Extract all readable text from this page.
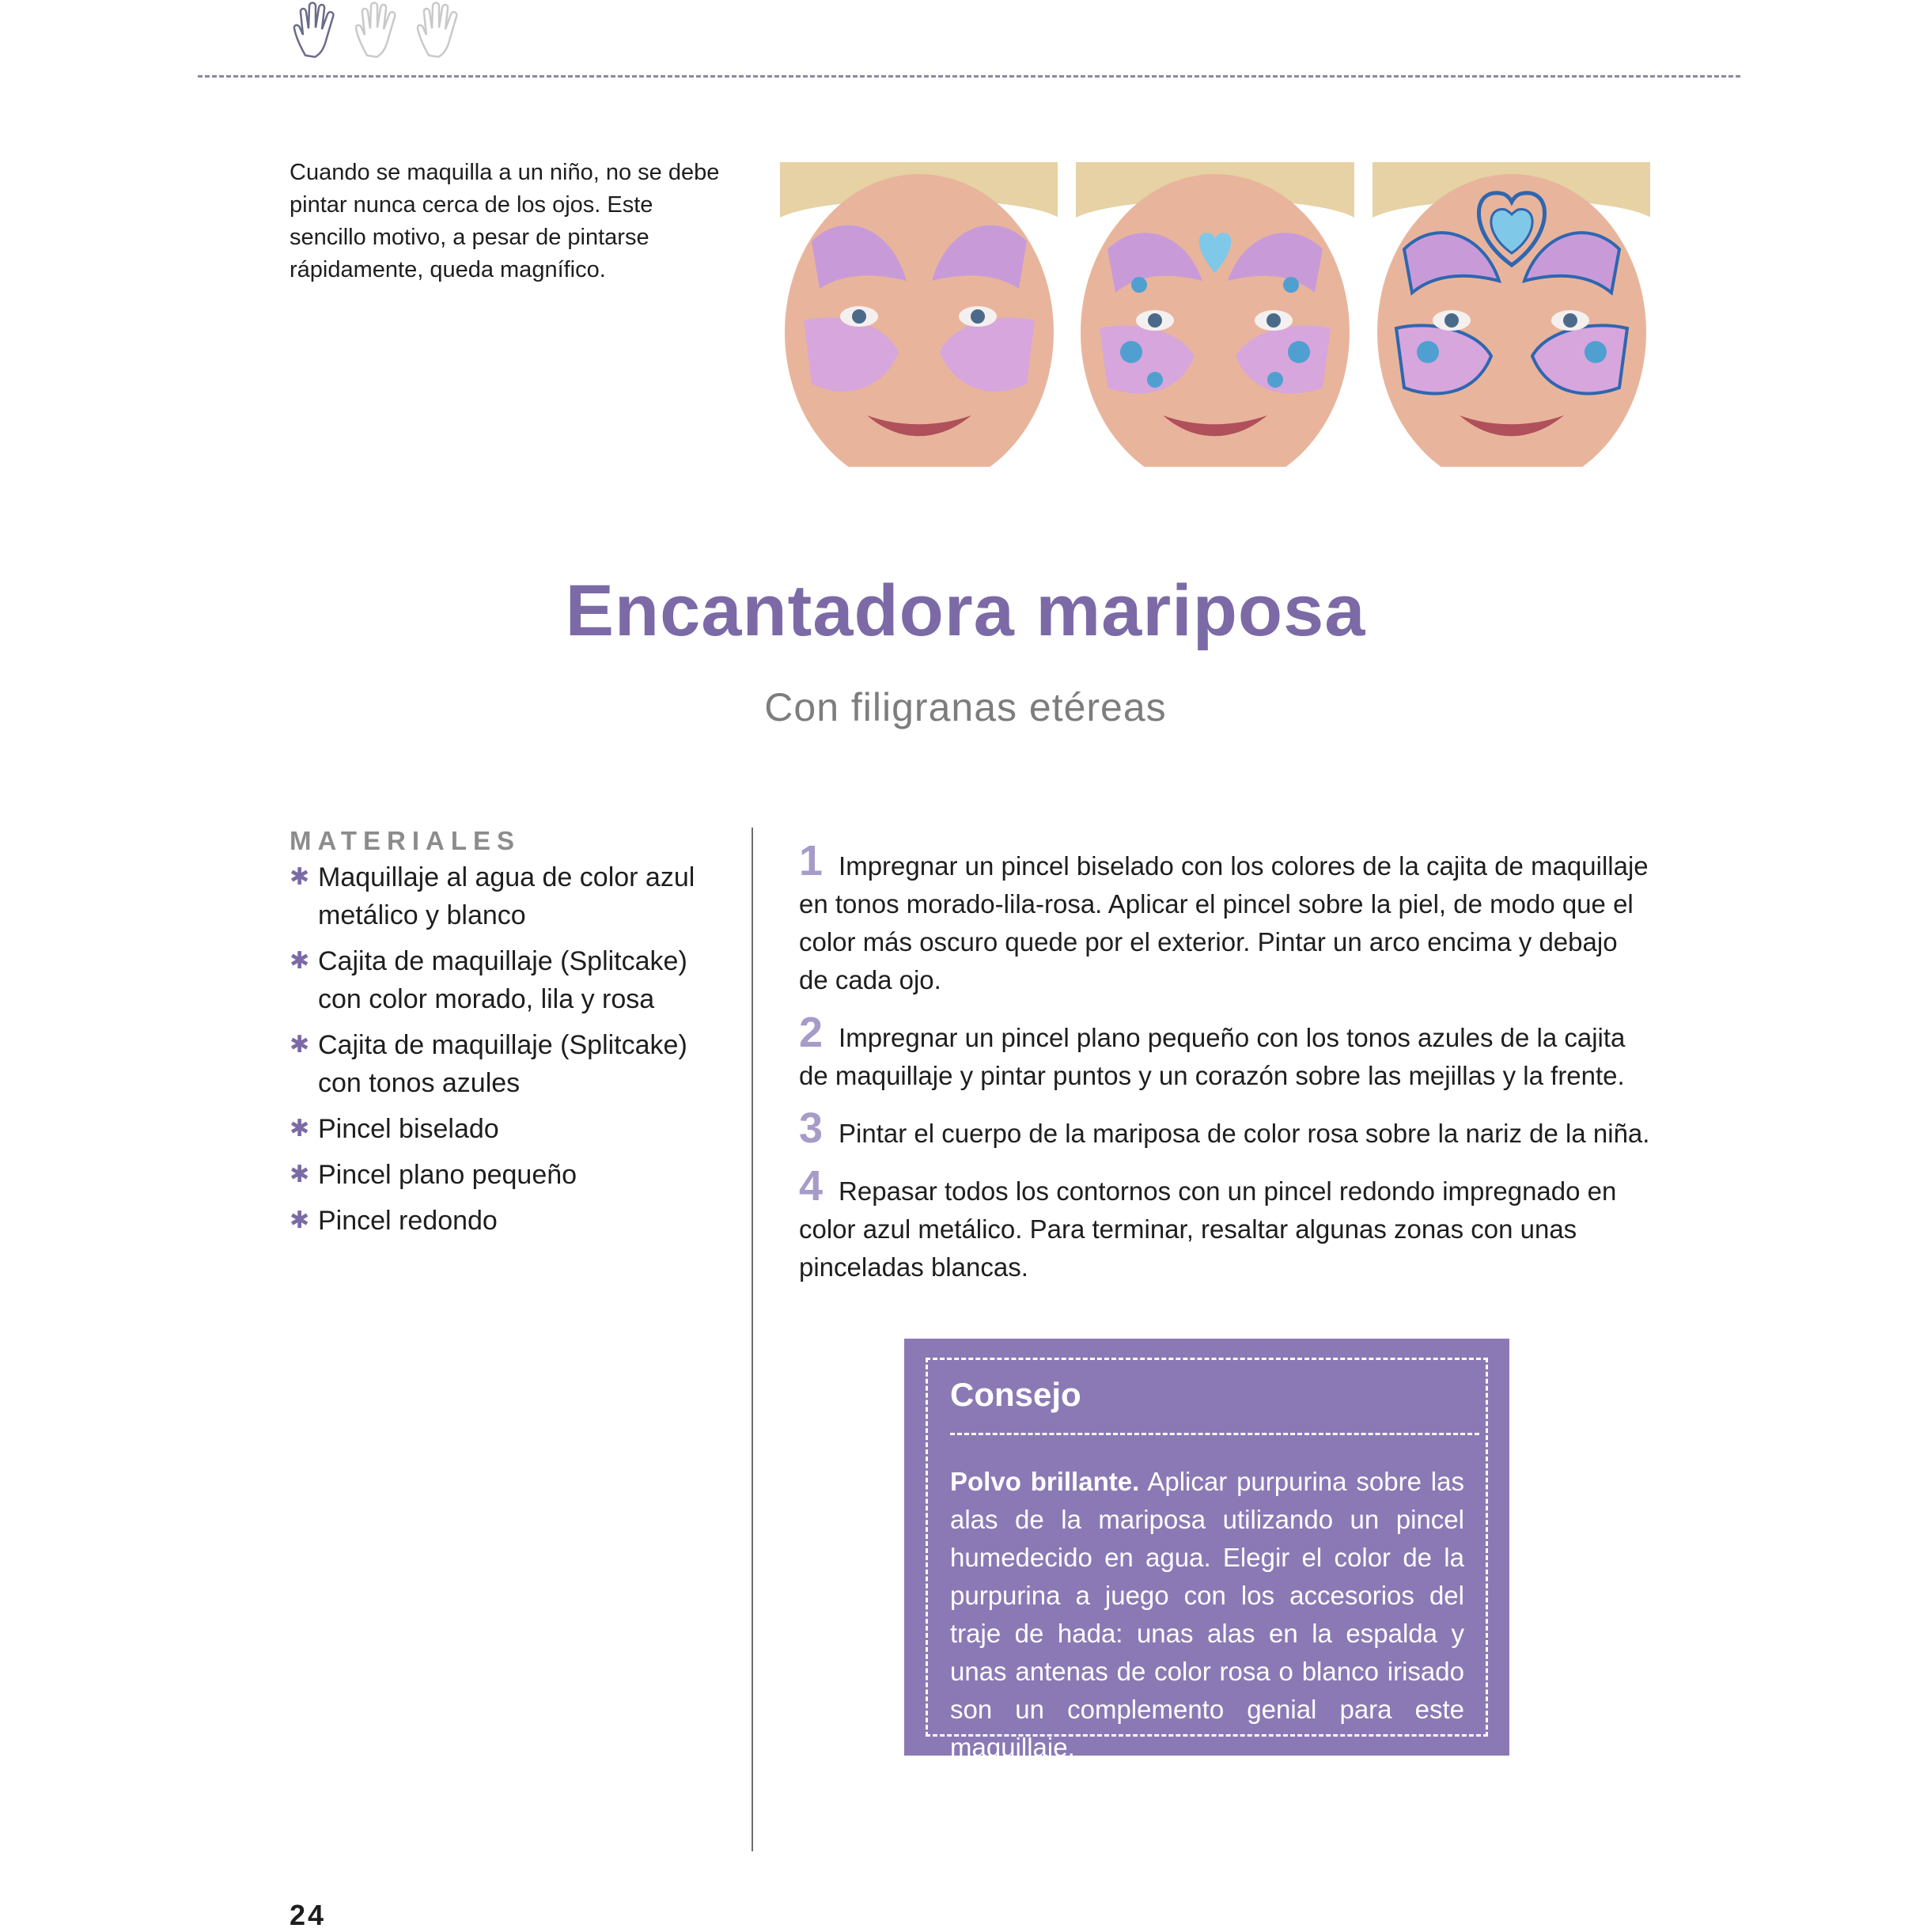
Cuando se maquilla a un niño, no se debe pintar nunca cerca de los ojos. Este sencillo motivo, a pesar de pintarse rápidamente, queda magnífico.
Encantadora mariposa
Con filigranas etéreas
MATERIALES
✱ Maquillaje al agua de color azul metálico y blanco
✱ Cajita de maquillaje (Splitcake) con color morado, lila y rosa
✱ Cajita de maquillaje (Splitcake) con tonos azules
✱ Pincel biselado
✱ Pincel plano pequeño
✱ Pincel redondo
1 Impregnar un pincel biselado con los colores de la cajita de maquillaje en tonos morado-lila-rosa. Aplicar el pincel sobre la piel, de modo que el color más oscuro quede por el exterior. Pintar un arco encima y debajo de cada ojo.
2 Impregnar un pincel plano pequeño con los tonos azules de la cajita de maquillaje y pintar puntos y un corazón sobre las mejillas y la frente.
3 Pintar el cuerpo de la mariposa de color rosa sobre la nariz de la niña.
4 Repasar todos los contornos con un pincel redondo impregnado en color azul metálico. Para terminar, resaltar algunas zonas con unas pinceladas blancas.
Consejo
Polvo brillante. Aplicar purpurina sobre las alas de la mariposa utilizando un pincel humedecido en agua. Elegir el color de la purpurina a juego con los accesorios del traje de hada: unas alas en la espalda y unas antenas de color rosa o blanco irisado son un complemento genial para este maquillaje.
24
